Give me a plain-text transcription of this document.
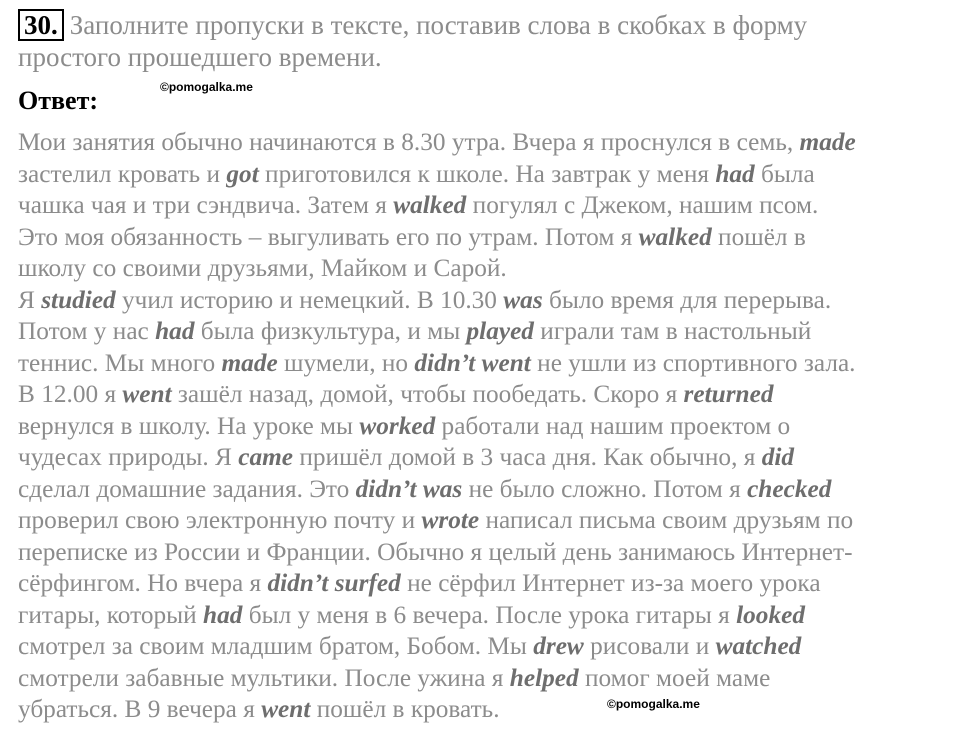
30. Заполните пропуски в тексте, поставив слова в скобках в форму
простого прошедшего времени.
Ответ:	©pomogalka.me
Мои занятия обычно начинаются в 8.30 утра. Вчера я проснулся в семь, made
застелил кровать и got приготовился к школе. На завтрак у меня had была
чашка чая и три сэндвича. Затем я walked погулял с Джеком, нашим псом.
Это моя обязанность – выгуливать его по утрам. Потом я walked пошёл в
школу со своими друзьями, Майком и Сарой.
Я studied учил историю и немецкий. В 10.30 was было время для перерыва.
Потом у нас had была физкультура, и мы played играли там в настольный
теннис. Мы много made шумели, но didn’t went не ушли из спортивного зала.
В 12.00 я went зашёл назад, домой, чтобы пообедать. Скоро я returned
вернулся в школу. На уроке мы worked работали над нашим проектом о
чудесах природы. Я came пришёл домой в 3 часа дня. Как обычно, я did
сделал домашние задания. Это didn’t was не было сложно. Потом я checked
проверил свою электронную почту и wrote написал письма своим друзьям по
переписке из России и Франции. Обычно я целый день занимаюсь Интернет-
сёрфингом. Но вчера я didn’t surfed не сёрфил Интернет из-за моего урока
гитары, который had был у меня в 6 вечера. После урока гитары я looked
смотрел за своим младшим братом, Бобом. Мы drew рисовали и watched
смотрели забавные мультики. После ужина я helped помог моей маме
убраться. В 9 вечера я went пошёл в кровать.	©pomogalka.me
